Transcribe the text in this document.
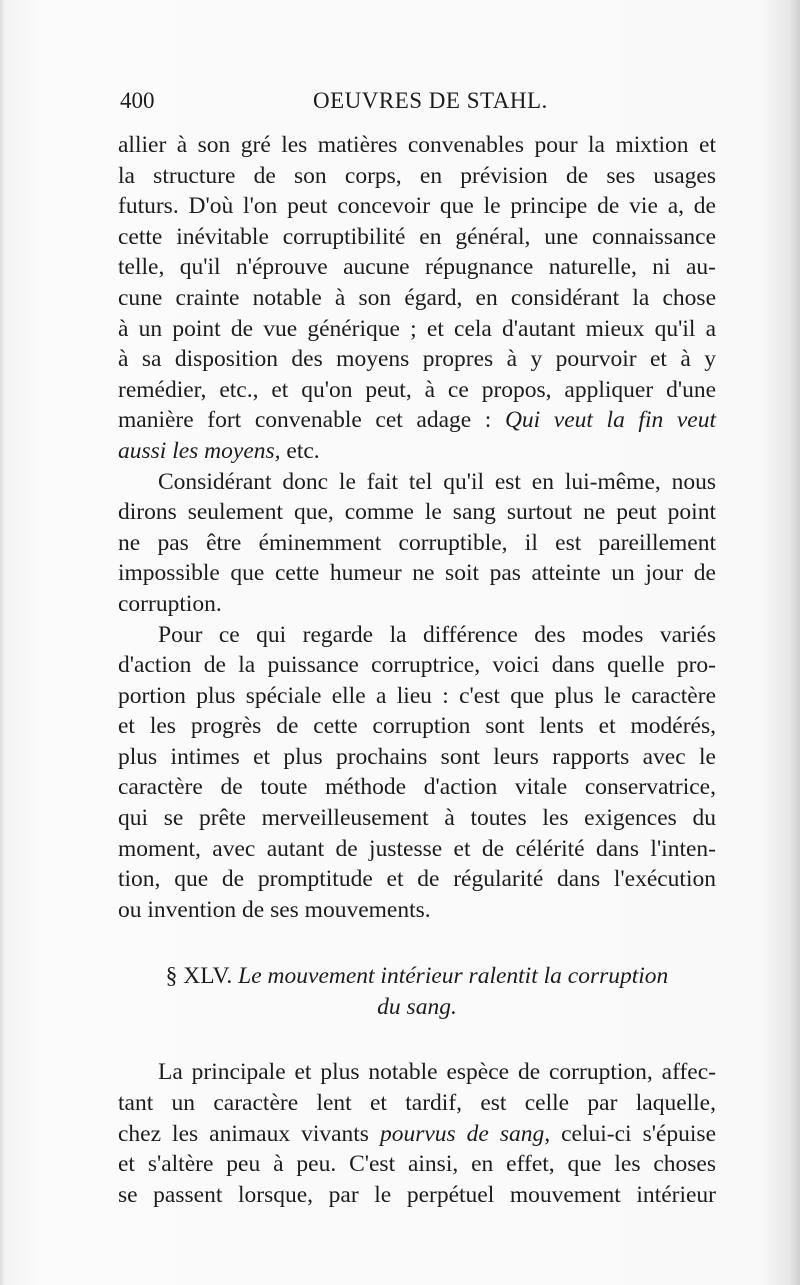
400	OEUVRES DE STAHL.
allier à son gré les matières convenables pour la mixtion et
la structure de son corps, en prévision de ses usages
futurs. D'où l'on peut concevoir que le principe de vie a, de
cette inévitable corruptibilité en général, une connaissance
telle, qu'il n'éprouve aucune répugnance naturelle, ni au-
cune crainte notable à son égard, en considérant la chose
à un point de vue générique ; et cela d'autant mieux qu'il a
à sa disposition des moyens propres à y pourvoir et à y
remédier, etc., et qu'on peut, à ce propos, appliquer d'une
manière fort convenable cet adage : Qui veut la fin veut
aussi les moyens, etc.
Considérant donc le fait tel qu'il est en lui-même, nous
dirons seulement que, comme le sang surtout ne peut point
ne pas être éminemment corruptible, il est pareillement
impossible que cette humeur ne soit pas atteinte un jour de
corruption.
Pour ce qui regarde la différence des modes variés
d'action de la puissance corruptrice, voici dans quelle pro-
portion plus spéciale elle a lieu : c'est que plus le caractère
et les progrès de cette corruption sont lents et modérés,
plus intimes et plus prochains sont leurs rapports avec le
caractère de toute méthode d'action vitale conservatrice,
qui se prête merveilleusement à toutes les exigences du
moment, avec autant de justesse et de célérité dans l'inten-
tion, que de promptitude et de régularité dans l'exécution
ou invention de ses mouvements.
§ XLV. Le mouvement intérieur ralentit la corruption
du sang.
La principale et plus notable espèce de corruption, affec-
tant un caractère lent et tardif, est celle par laquelle,
chez les animaux vivants pourvus de sang, celui-ci s'épuise
et s'altère peu à peu. C'est ainsi, en effet, que les choses
se passent lorsque, par le perpétuel mouvement intérieur
